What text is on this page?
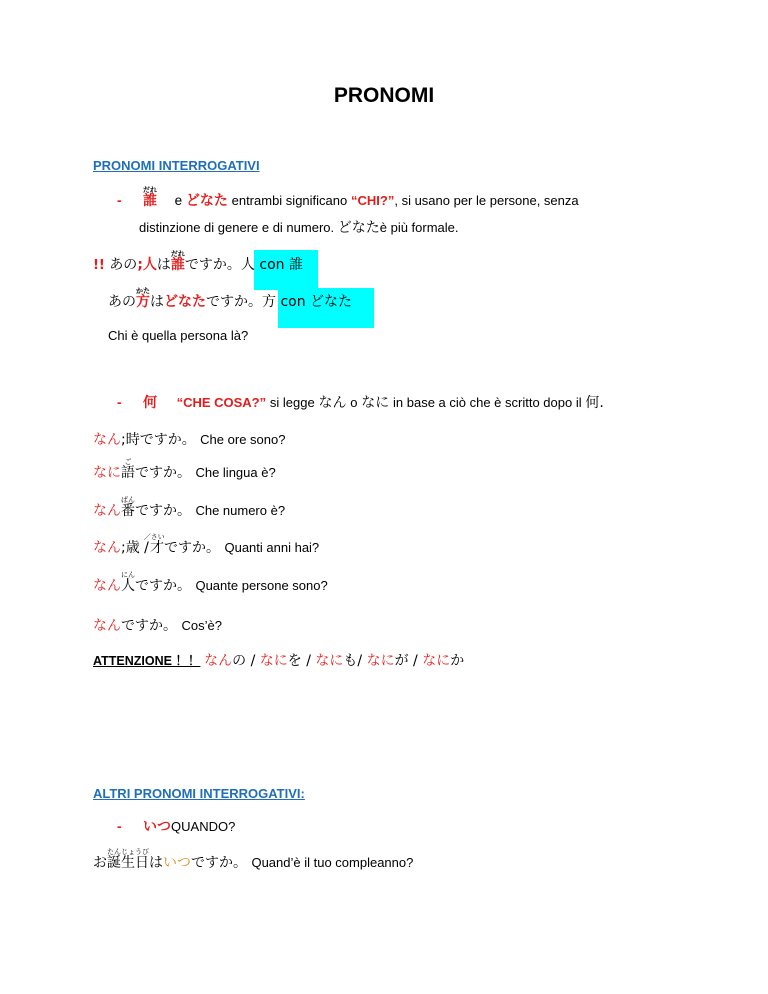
PRONOMI
PRONOMI INTERROGATIVI
- 誰だれ  e どなた entrambi significano “CHI?”, si usano per le persone, senza
distinzione di genere e di numero. どなたè più formale.
!! あの;人は誰だれですか。人 con 誰
あの方かたはどなたですか。方 con どなた
Chi è quella persona là?
- 何 “CHE COSA?” si legge なん o なに in base a ciò che è scritto dopo il 何.
なん;時ですか。 Che ore sono?
なに語ごですか。 Che lingua è?
なん番ばんですか。 Che numero è?
なん;歳 /才／さいですか。 Quanti anni hai?
なん人にんですか。 Quante persone sono?
なんですか。 Cos’è?
ATTENZIONE ！！ なんの / なにを / なにも/ なにが / なにか
ALTRI PRONOMI INTERROGATIVI:
- いつQUANDO?
お誕生日たんじょうびはいつですか。 Quand’è il tuo compleanno?
